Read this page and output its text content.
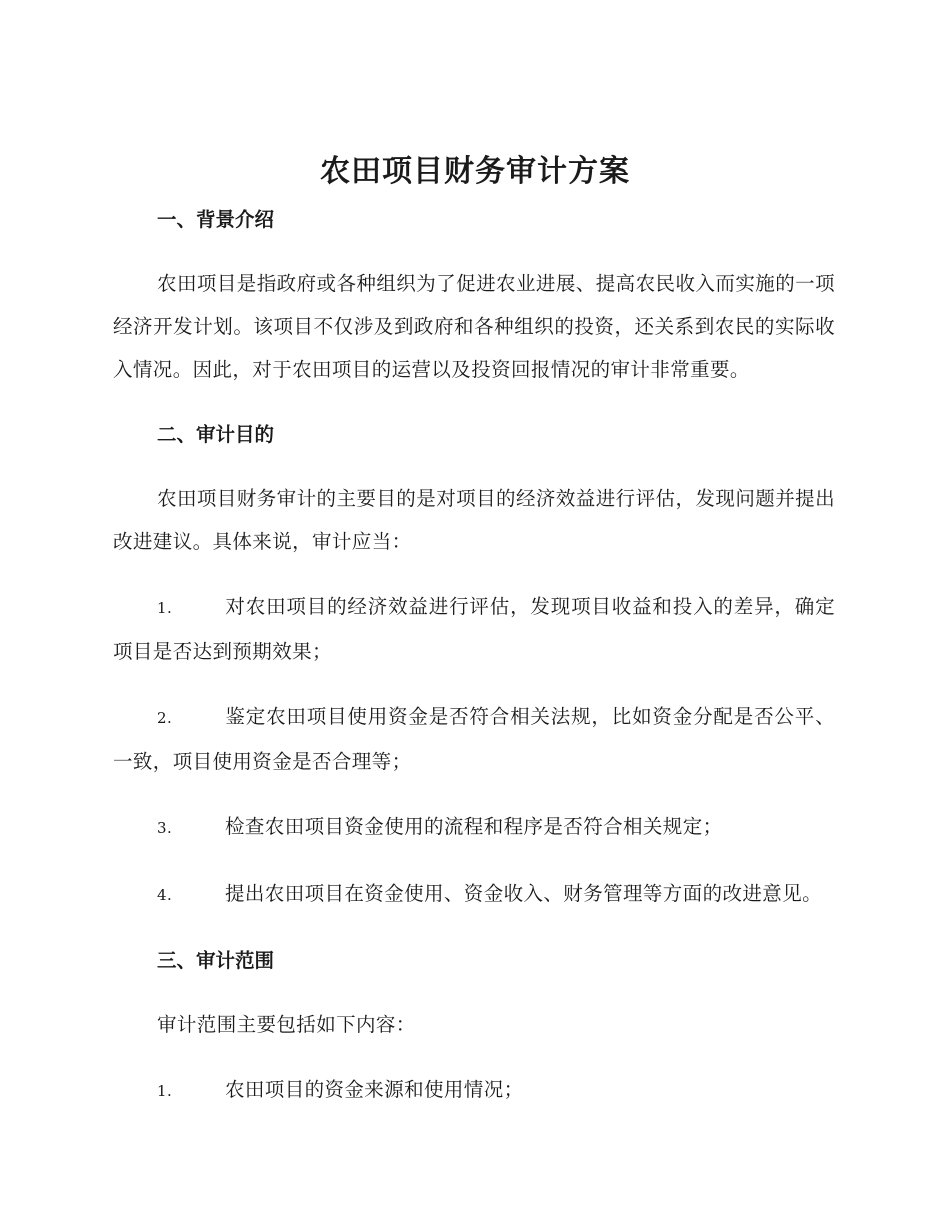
农田项目财务审计方案
一、背景介绍

农田项目是指政府或各种组织为了促进农业进展、提高农民收入而实施的一项经济开发计划。该项目不仅涉及到政府和各种组织的投资，还关系到农民的实际收入情况。因此，对于农田项目的运营以及投资回报情况的审计非常重要。

二、审计目的

农田项目财务审计的主要目的是对项目的经济效益进行评估，发现问题并提出改进建议。具体来说，审计应当：

1.	对农田项目的经济效益进行评估，发现项目收益和投入的差异，确定项目是否达到预期效果；

2.	鉴定农田项目使用资金是否符合相关法规，比如资金分配是否公平、一致，项目使用资金是否合理等；

3.	检查农田项目资金使用的流程和程序是否符合相关规定；

4.	提出农田项目在资金使用、资金收入、财务管理等方面的改进意见。

三、审计范围

审计范围主要包括如下内容：

1.	农田项目的资金来源和使用情况；
